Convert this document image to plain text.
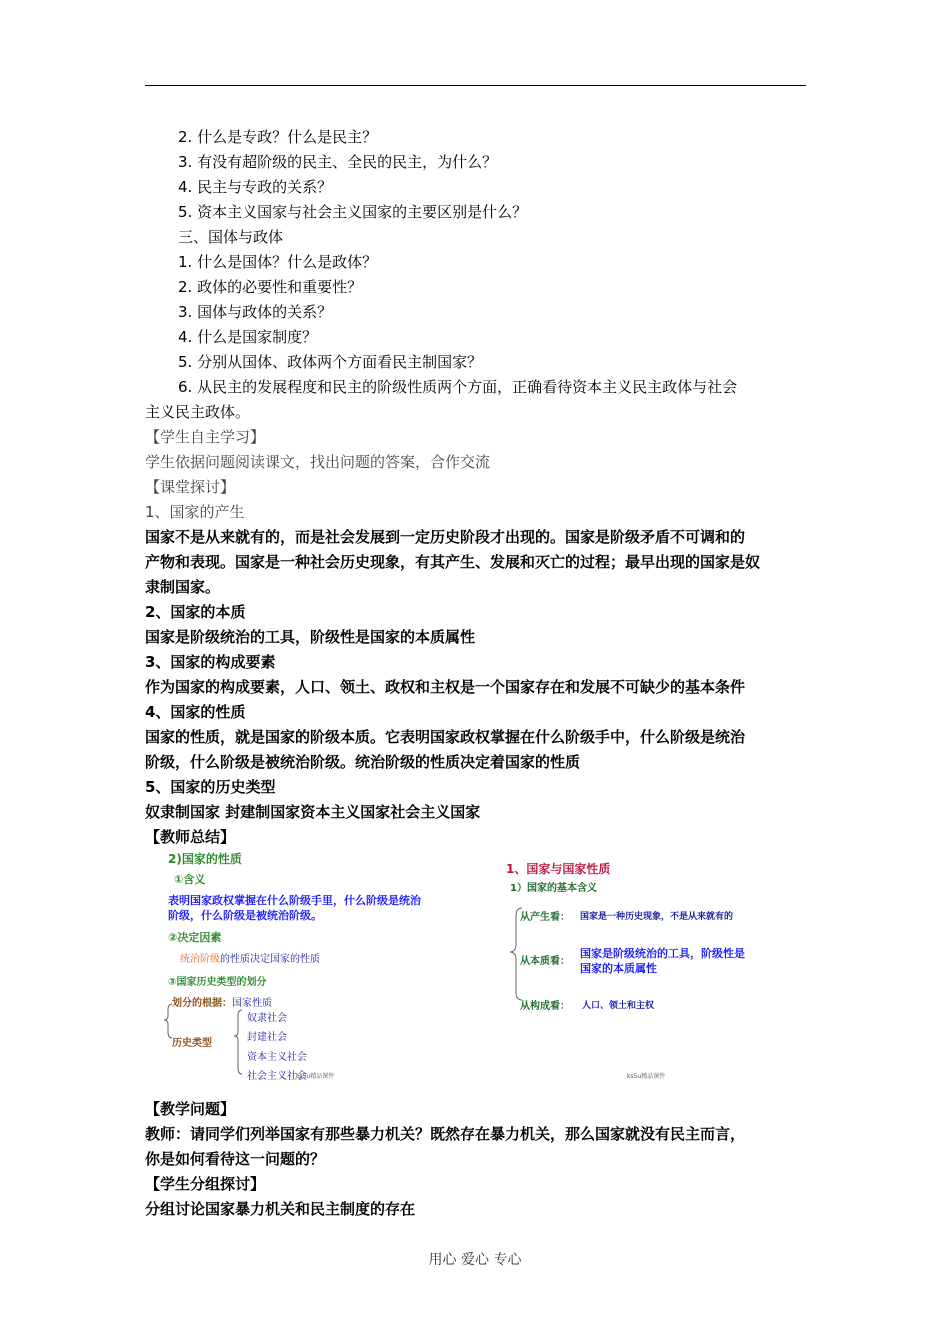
2. 什么是专政？什么是民主？
3. 有没有超阶级的民主、全民的民主，为什么？
4. 民主与专政的关系？
5. 资本主义国家与社会主义国家的主要区别是什么？
三、国体与政体
1. 什么是国体？什么是政体？
2. 政体的必要性和重要性？
3. 国体与政体的关系？
4. 什么是国家制度？
5. 分别从国体、政体两个方面看民主制国家？
6. 从民主的发展程度和民主的阶级性质两个方面，正确看待资本主义民主政体与社会
主义民主政体。
【学生自主学习】
学生依据问题阅读课文，找出问题的答案，合作交流
【课堂探讨】
1、国家的产生
国家不是从来就有的，而是社会发展到一定历史阶段才出现的。国家是阶级矛盾不可调和的
产物和表现。国家是一种社会历史现象，有其产生、发展和灭亡的过程；最早出现的国家是奴
隶制国家。
2、国家的本质
国家是阶级统治的工具，阶级性是国家的本质属性
3、国家的构成要素
作为国家的构成要素，人口、领土、政权和主权是一个国家存在和发展不可缺少的基本条件
4、国家的性质
国家的性质，就是国家的阶级本质。它表明国家政权掌握在什么阶级手中，什么阶级是统治
阶级，什么阶级是被统治阶级。统治阶级的性质决定着国家的性质
5、国家的历史类型
奴隶制国家 封建制国家资本主义国家社会主义国家
【教师总结】
2)国家的性质
①含义
表明国家政权掌握在什么阶级手里，什么阶级是统治
阶级，什么阶级是被统治阶级。
②决定因素
统治阶级的性质决定国家的性质
③国家历史类型的划分
划分的根据：国家性质
历史类型
奴隶社会
封建社会
资本主义社会
社会主义社会
ks5u精品课件
1、国家与国家性质
1）国家的基本含义
从产生看： 国家是一种历史现象，不是从来就有的
从本质看：
国家是阶级统治的工具，阶级性是
国家的本质属性
从构成看： 人口、领土和主权
ks5u精品课件
【教学问题】
教师：请同学们列举国家有那些暴力机关？既然存在暴力机关，那么国家就没有民主而言，
你是如何看待这一问题的？
【学生分组探讨】
分组讨论国家暴力机关和民主制度的存在
用心 爱心 专心
